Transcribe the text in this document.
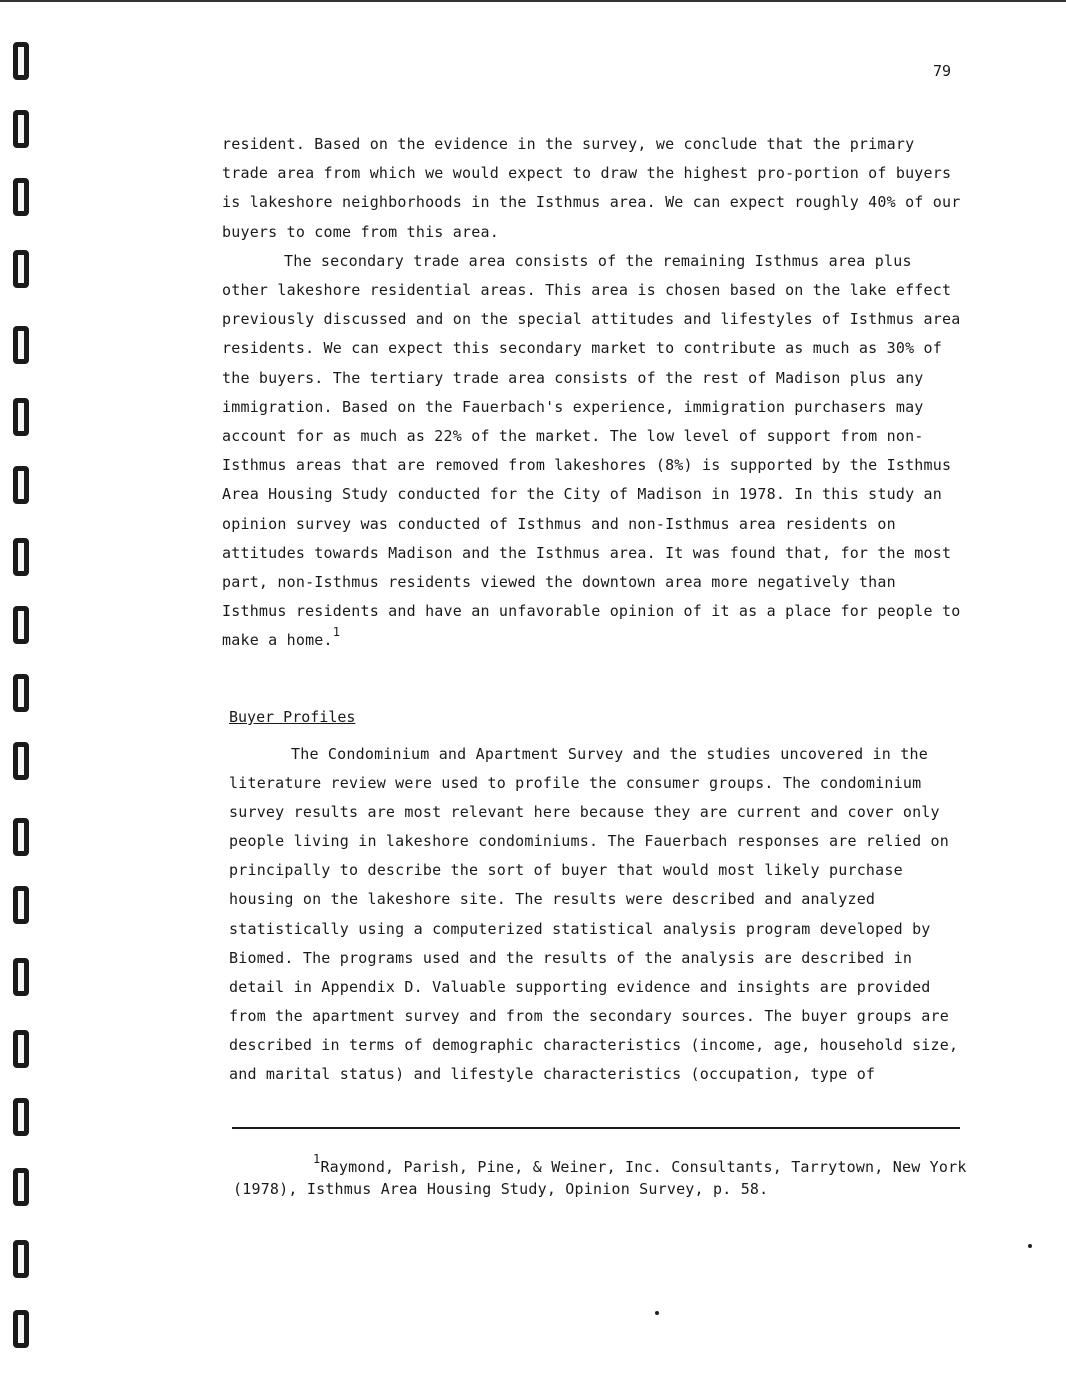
79

resident. Based on the evidence in the survey, we conclude that the primary trade area from which we would expect to draw the highest pro-portion of buyers is lakeshore neighborhoods in the Isthmus area. We can expect roughly 40% of our buyers to come from this area.

The secondary trade area consists of the remaining Isthmus area plus other lakeshore residential areas. This area is chosen based on the lake effect previously discussed and on the special attitudes and lifestyles of Isthmus area residents. We can expect this secondary market to contribute as much as 30% of the buyers. The tertiary trade area consists of the rest of Madison plus any immigration. Based on the Fauerbach's experience, immigration purchasers may account for as much as 22% of the market. The low level of support from non-Isthmus areas that are removed from lakeshores (8%) is supported by the Isthmus Area Housing Study conducted for the City of Madison in 1978. In this study an opinion survey was conducted of Isthmus and non-Isthmus area residents on attitudes towards Madison and the Isthmus area. It was found that, for the most part, non-Isthmus residents viewed the downtown area more negatively than Isthmus residents and have an unfavorable opinion of it as a place for people to make a home.$^1$

Buyer Profiles

The Condominium and Apartment Survey and the studies uncovered in the literature review were used to profile the consumer groups. The condominium survey results are most relevant here because they are current and cover only people living in lakeshore condominiums. The Fauerbach responses are relied on principally to describe the sort of buyer that would most likely purchase housing on the lakeshore site. The results were described and analyzed statistically using a computerized statistical analysis program developed by Biomed. The programs used and the results of the analysis are described in detail in Appendix D. Valuable supporting evidence and insights are provided from the apartment survey and from the secondary sources. The buyer groups are described in terms of demographic characteristics (income, age, household size, and marital status) and lifestyle characteristics (occupation, type of

$^1$Raymond, Parish, Pine, & Weiner, Inc. Consultants, Tarrytown, New York (1978), Isthmus Area Housing Study, Opinion Survey, p. 58.
